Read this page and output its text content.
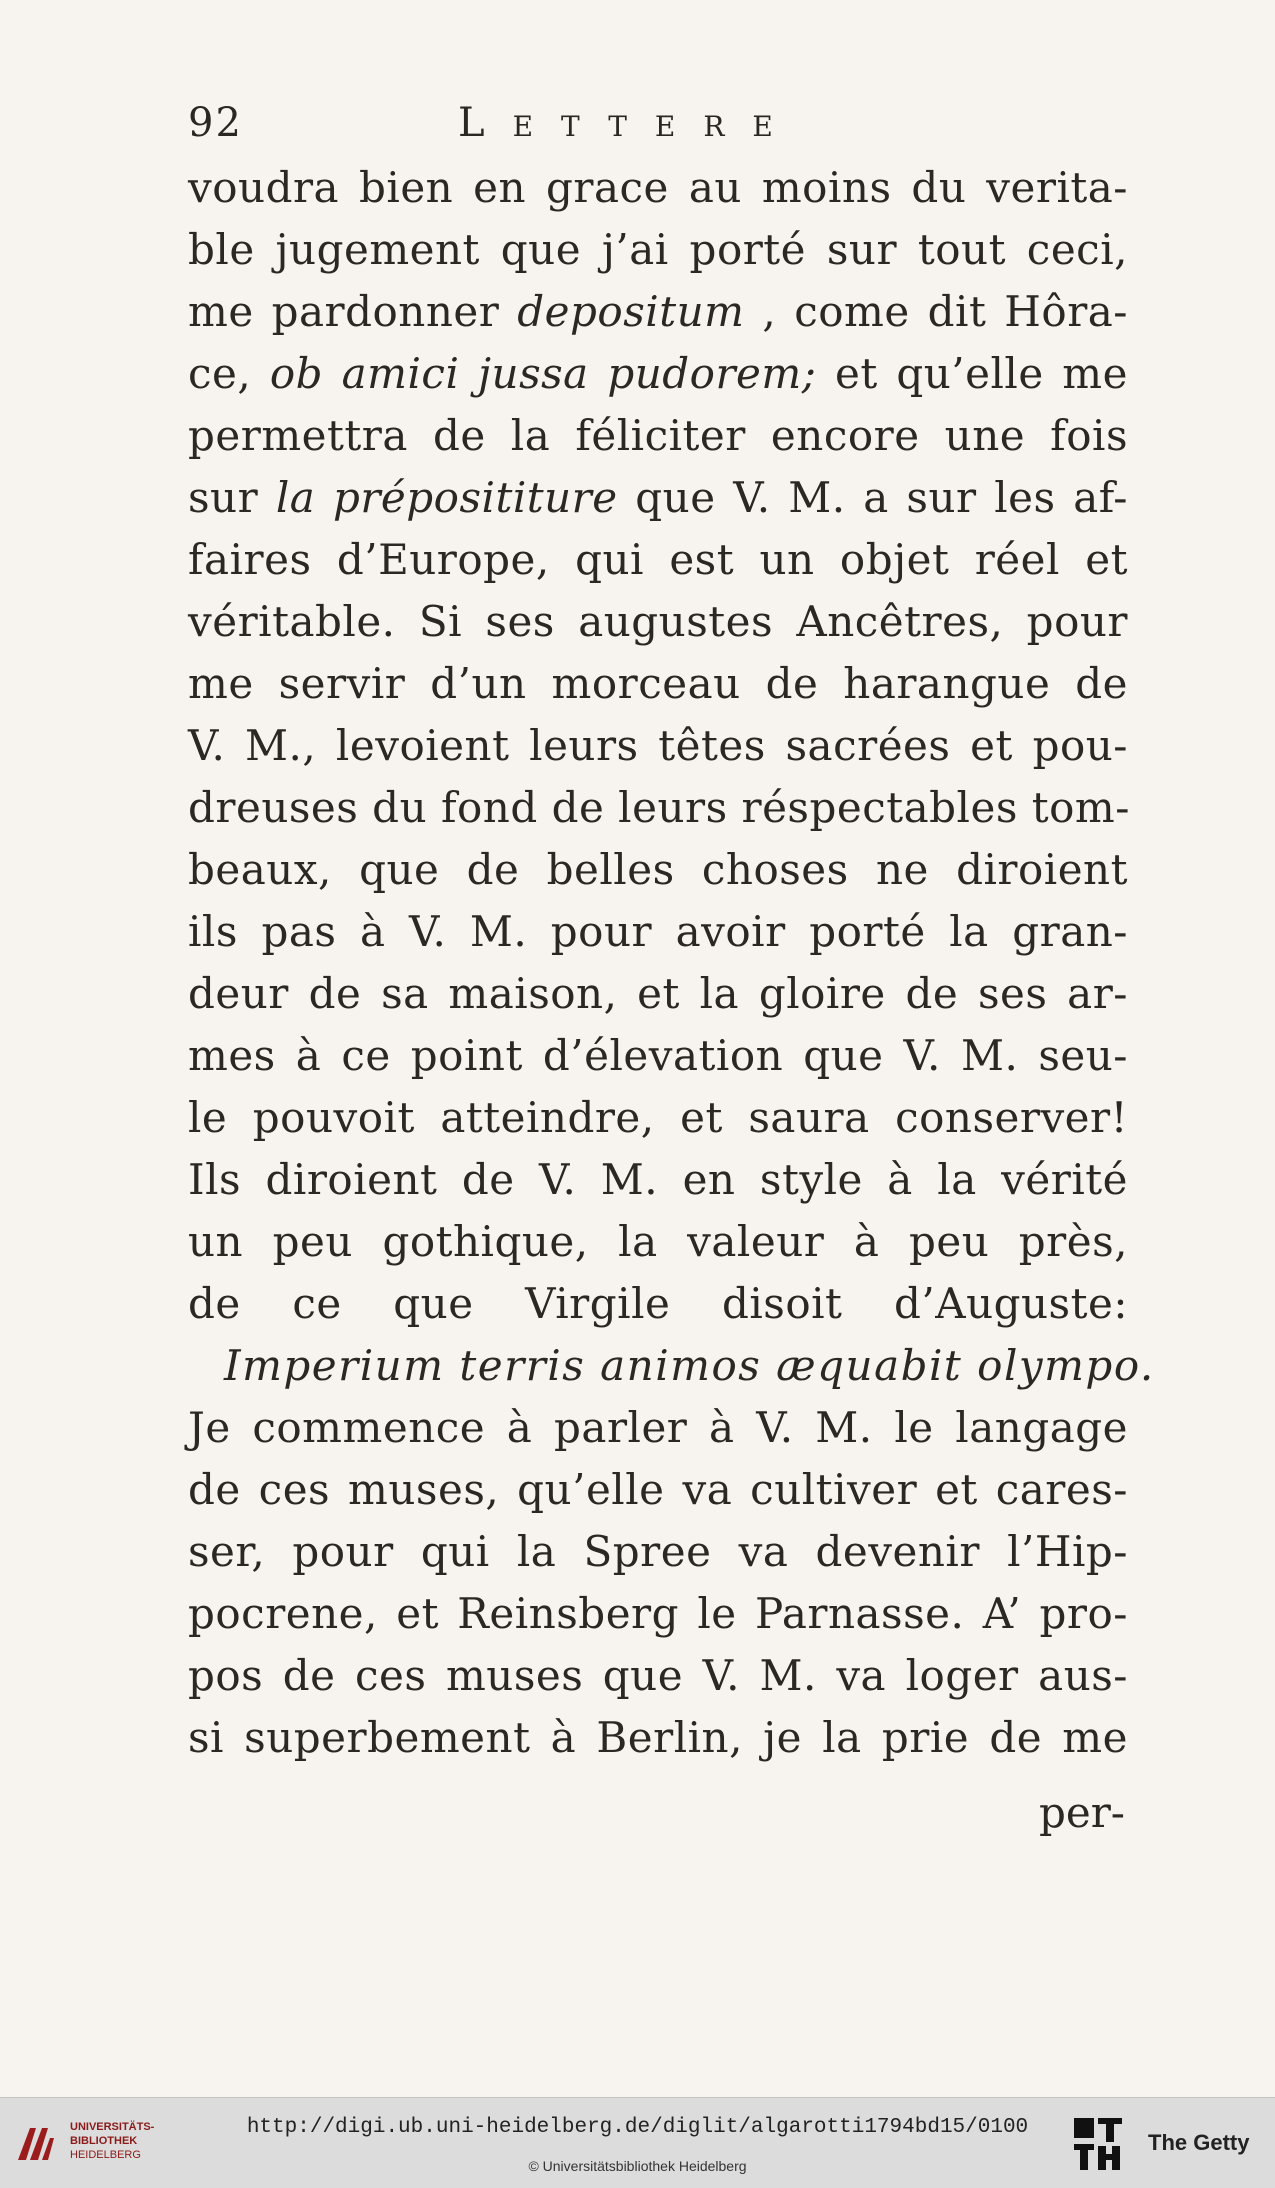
92	Lettere
voudra bien en grace au moins du verita-
ble jugement que j’ai porté sur tout ceci,
me pardonner depositum , come dit Hôra-
ce, ob amici jussa pudorem; et qu’elle me
permettra de la féliciter encore une fois
sur la préposititure que V. M. a sur les af-
faires d’Europe, qui est un objet réel et
véritable. Si ses augustes Ancêtres, pour
me servir d’un morceau de harangue de
V. M., levoient leurs têtes sacrées et pou-
dreuses du fond de leurs réspectables tom-
beaux, que de belles choses ne diroient
ils pas à V. M. pour avoir porté la gran-
deur de sa maison, et la gloire de ses ar-
mes à ce point d’élevation que V. M. seu-
le pouvoit atteindre, et saura conserver!
Ils diroient de V. M. en style à la vérité
un peu gothique, la valeur à peu près,
de ce que Virgile disoit d’Auguste:
Imperium terris animos æquabit olympo.
Je commence à parler à V. M. le langage
de ces muses, qu’elle va cultiver et cares-
ser, pour qui la Spree va devenir l’Hip-
pocrene, et Reinsberg le Parnasse. A’ pro-
pos de ces muses que V. M. va loger aus-
si superbement à Berlin, je la prie de me
per-
UNIVERSITÄTS-
BIBLIOTHEK
HEIDELBERG
http://digi.ub.uni-heidelberg.de/diglit/algarotti1794bd15/0100
© Universitätsbibliothek Heidelberg
The Getty
